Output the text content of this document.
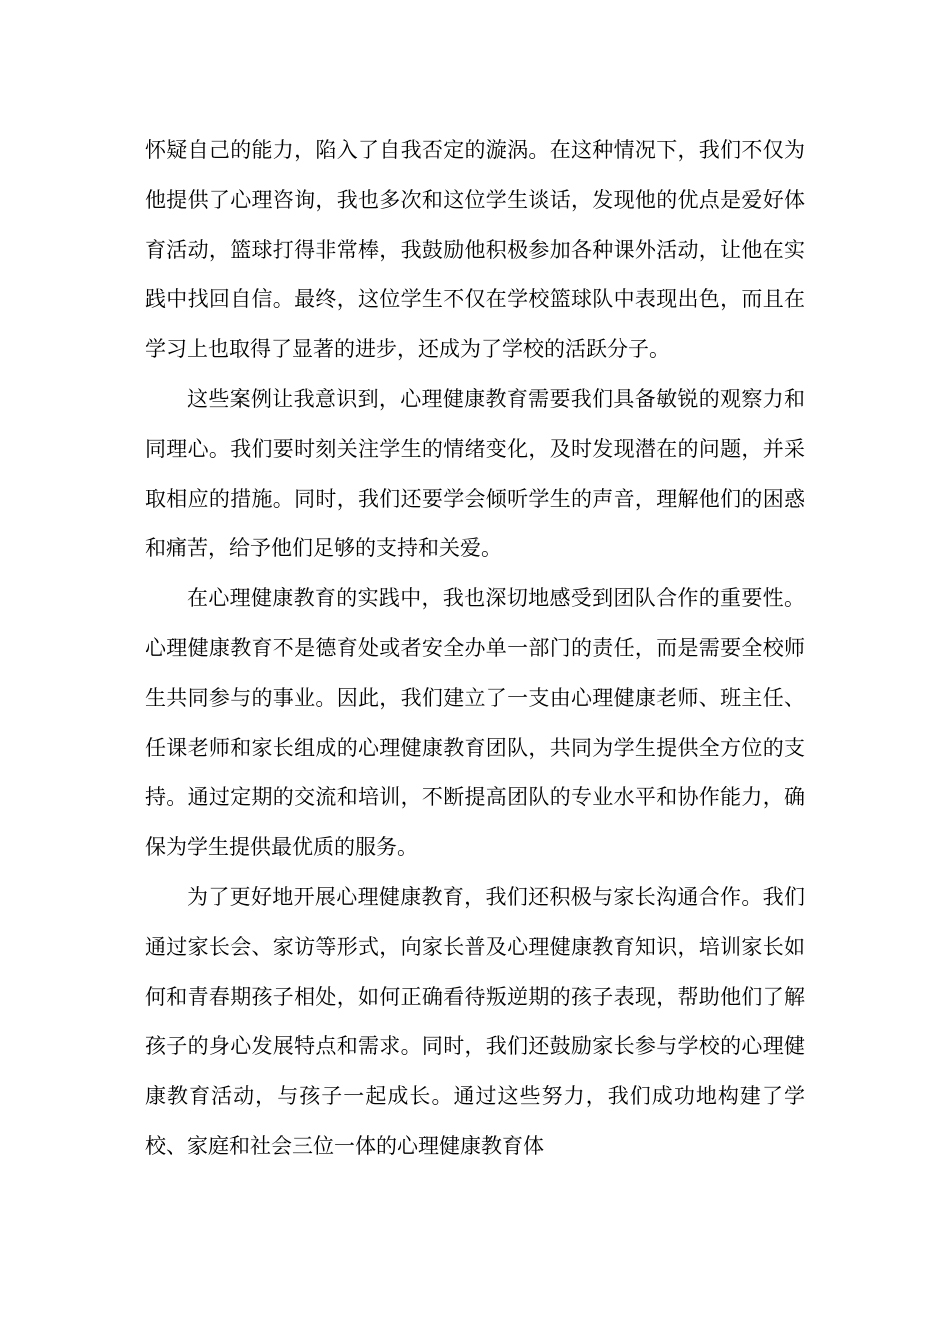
怀疑自己的能力，陷入了自我否定的漩涡。在这种情况下，我们不仅为他提供了心理咨询，我也多次和这位学生谈话，发现他的优点是爱好体育活动，篮球打得非常棒，我鼓励他积极参加各种课外活动，让他在实践中找回自信。最终，这位学生不仅在学校篮球队中表现出色，而且在学习上也取得了显著的进步，还成为了学校的活跃分子。

这些案例让我意识到，心理健康教育需要我们具备敏锐的观察力和同理心。我们要时刻关注学生的情绪变化，及时发现潜在的问题，并采取相应的措施。同时，我们还要学会倾听学生的声音，理解他们的困惑和痛苦，给予他们足够的支持和关爱。

在心理健康教育的实践中，我也深切地感受到团队合作的重要性。心理健康教育不是德育处或者安全办单一部门的责任，而是需要全校师生共同参与的事业。因此，我们建立了一支由心理健康老师、班主任、任课老师和家长组成的心理健康教育团队，共同为学生提供全方位的支持。通过定期的交流和培训，不断提高团队的专业水平和协作能力，确保为学生提供最优质的服务。

为了更好地开展心理健康教育，我们还积极与家长沟通合作。我们通过家长会、家访等形式，向家长普及心理健康教育知识，培训家长如何和青春期孩子相处，如何正确看待叛逆期的孩子表现，帮助他们了解孩子的身心发展特点和需求。同时，我们还鼓励家长参与学校的心理健康教育活动，与孩子一起成长。通过这些努力，我们成功地构建了学校、家庭和社会三位一体的心理健康教育体
